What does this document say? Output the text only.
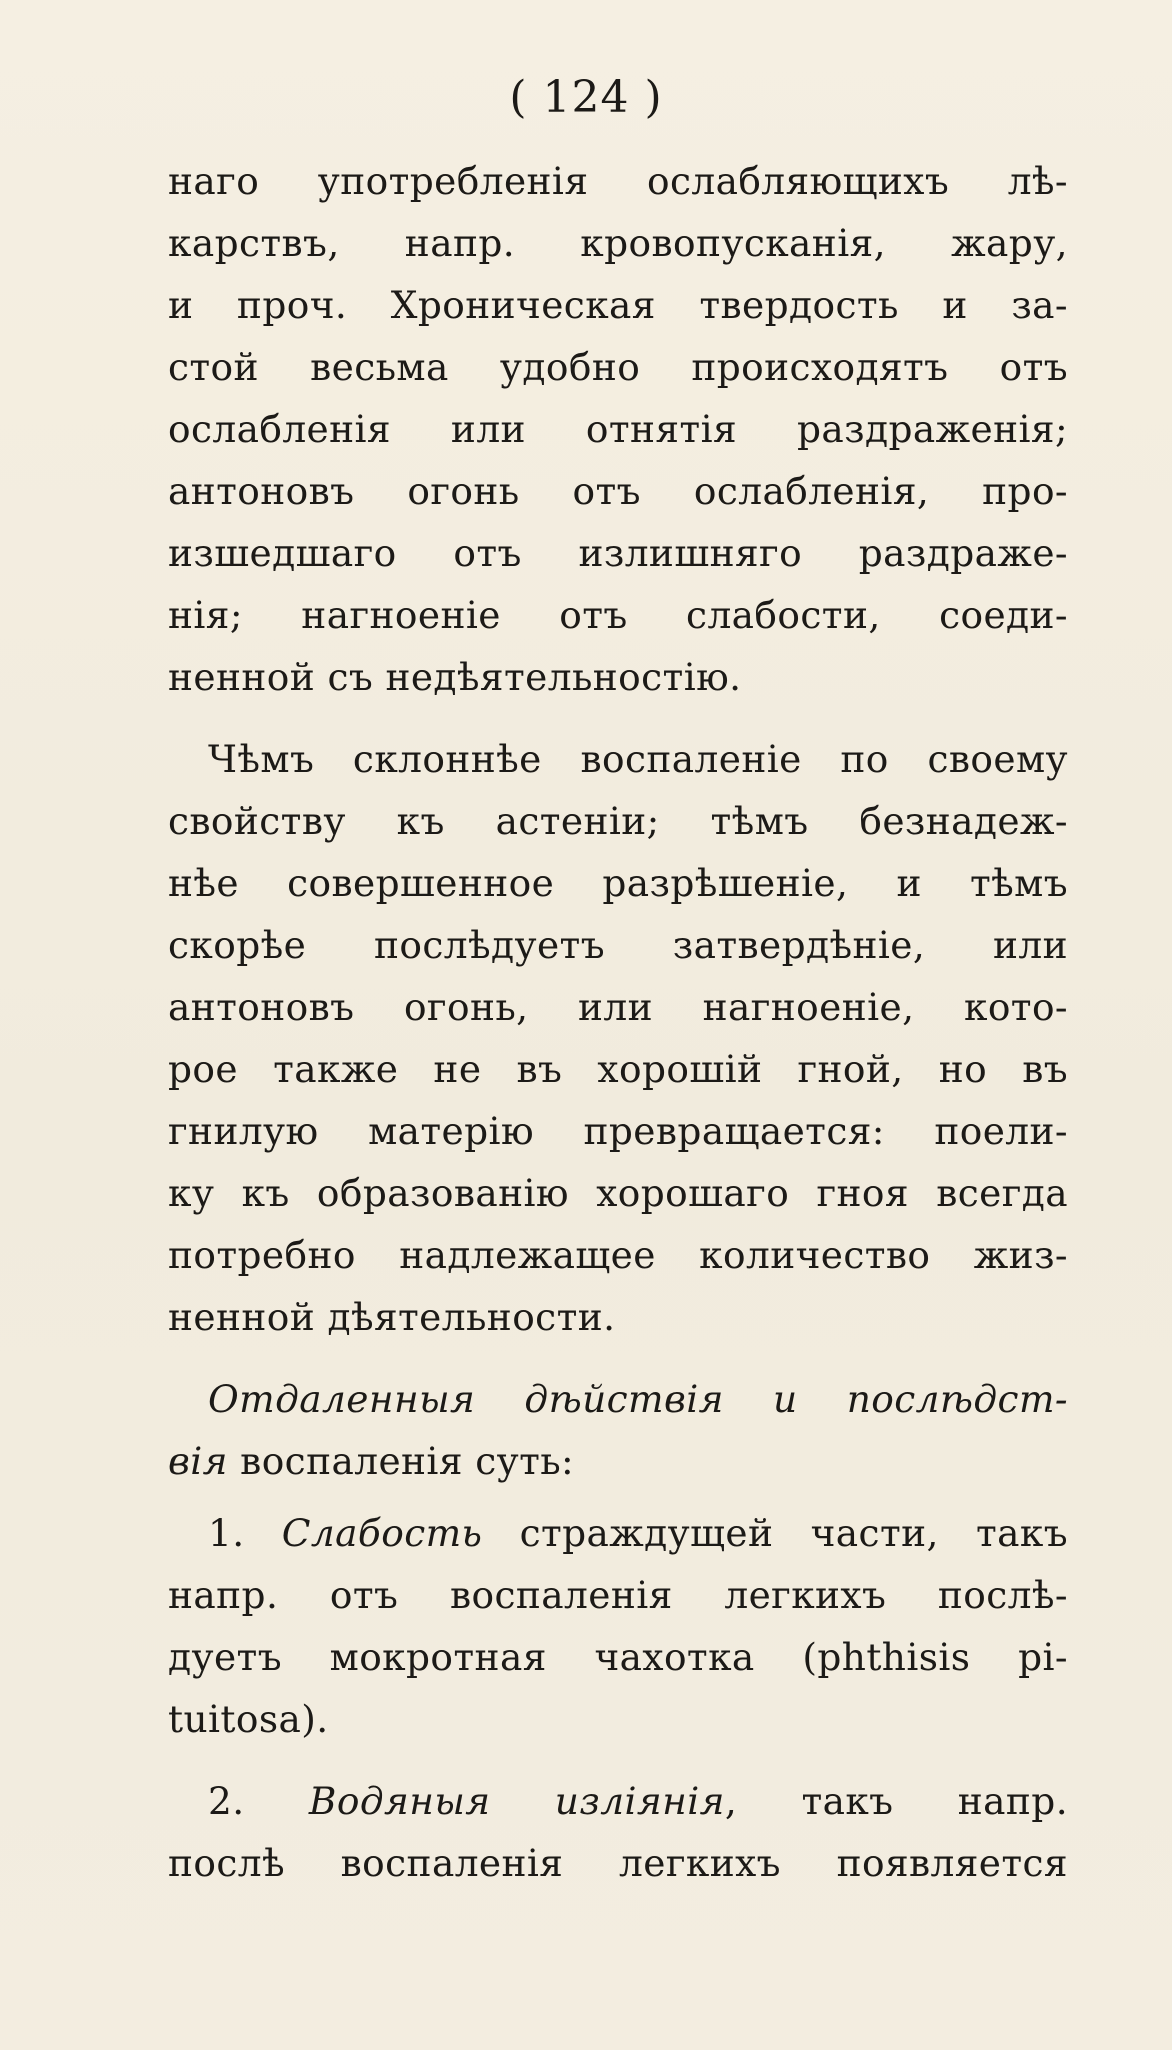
( 124 )
наго употребленія ослабляющихъ лѣ-
карствъ, напр. кровопусканія, жару,
и проч. Хроническая твердость и за-
стой весьма удобно происходятъ отъ
ослабленія или отнятія раздраженія;
антоновъ огонь отъ ослабленія, про-
изшедшаго отъ излишняго раздраже-
нія; нагноеніе отъ слабости, соеди-
ненной съ недѣятельностію.
Чѣмъ склоннѣе воспаленіе по своему
свойству къ астеніи; тѣмъ безнадеж-
нѣе совершенное разрѣшеніе, и тѣмъ
скорѣе послѣдуетъ затвердѣніе, или
антоновъ огонь, или нагноеніе, кото-
рое также не въ хорошій гной, но въ
гнилую матерію превращается: поели-
ку къ образованію хорошаго гноя всегда
потребно надлежащее количество жиз-
ненной дѣятельности.
Отдаленныя дѣйствія и послѣдст-
вія воспаленія суть:
1. Слабость страждущей части, такъ
напр. отъ воспаленія легкихъ послѣ-
дуетъ мокротная чахотка (phthisis pi-
tuitosa).
2. Водяныя изліянія, такъ напр.
послѣ воспаленія легкихъ появляется
